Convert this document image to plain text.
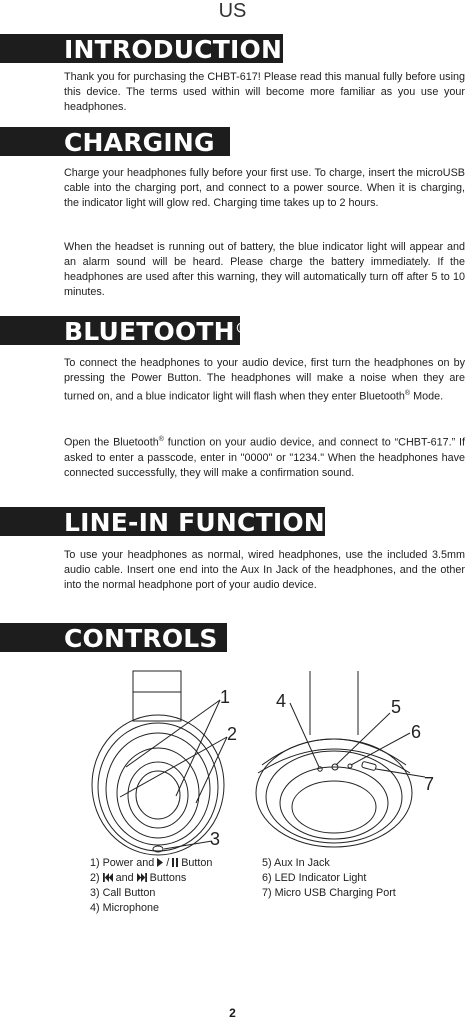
US
INTRODUCTION

Thank you for purchasing the CHBT-617! Please read this manual fully before using this device. The terms used within will become more familiar as you use your headphones.

CHARGING

Charge your headphones fully before your first use. To charge, insert the microUSB cable into the charging port, and connect to a power source. When it is charging, the indicator light will glow red. Charging time takes up to 2 hours.

When the headset is running out of battery, the blue indicator light will appear and an alarm sound will be heard. Please charge the battery immediately. If the headphones are used after this warning, they will automatically turn off after 5 to 10 minutes.

BLUETOOTH®

To connect the headphones to your audio device, first turn the headphones on by pressing the Power Button. The headphones will make a noise when they are turned on, and a blue indicator light will flash when they enter Bluetooth® Mode.

Open the Bluetooth® function on your audio device, and connect to “CHBT-617.” If asked to enter a passcode, enter in "0000" or "1234." When the headphones have connected successfully, they will make a confirmation sound.

LINE-IN FUNCTION

To use your headphones as normal, wired headphones, use the included 3.5mm audio cable. Insert one end into the Aux In Jack of the headphones, and the other into the normal headphone port of your audio device.

CONTROLS
1
2
3
4	5
6
7
1) Power and  /  Button
2)  and  Buttons
3) Call Button
4) Microphone
5) Aux In Jack
6) LED Indicator Light
7) Micro USB Charging Port
2
